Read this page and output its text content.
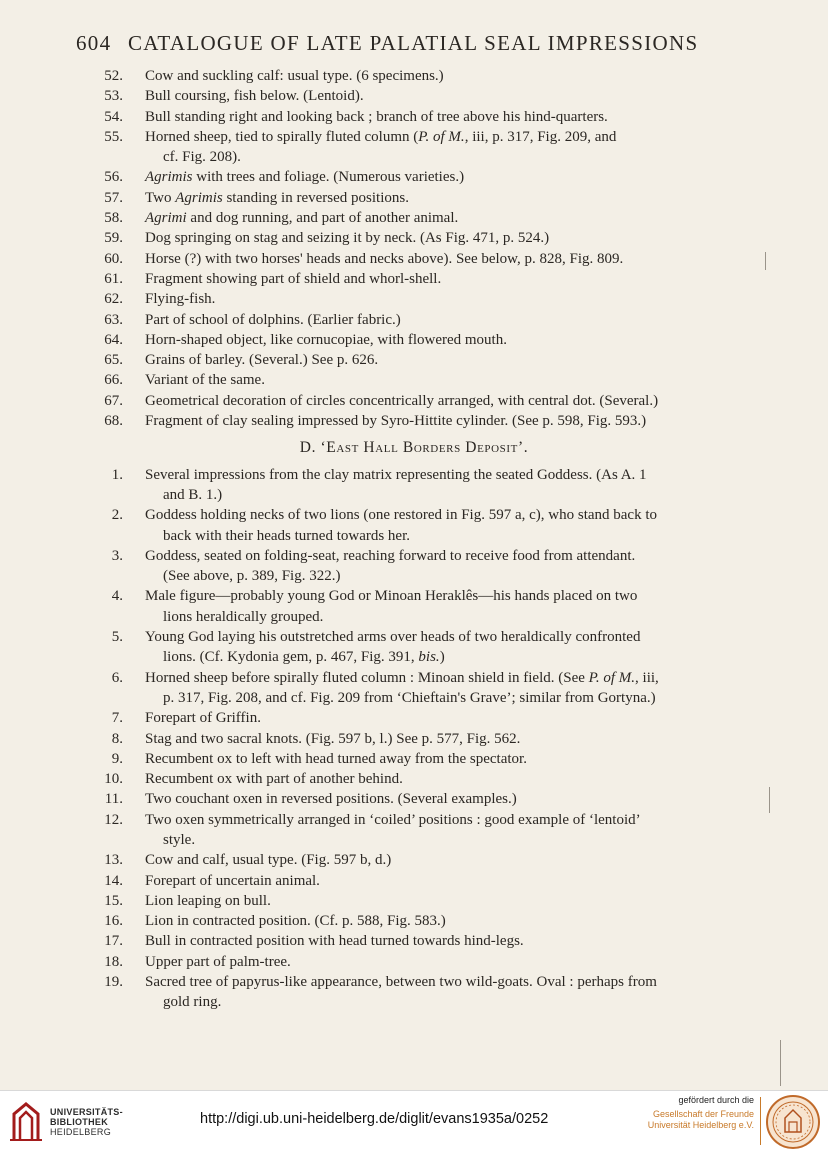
604 CATALOGUE OF LATE PALATIAL SEAL IMPRESSIONS
52. Cow and suckling calf: usual type. (6 specimens.)
53. Bull coursing, fish below. (Lentoid).
54. Bull standing right and looking back ; branch of tree above his hind-quarters.
55. Horned sheep, tied to spirally fluted column (P. of M., iii, p. 317, Fig. 209, and
cf. Fig. 208).
56. Agrimis with trees and foliage. (Numerous varieties.)
57. Two Agrimis standing in reversed positions.
58. Agrimi and dog running, and part of another animal.
59. Dog springing on stag and seizing it by neck. (As Fig. 471, p. 524.)
60. Horse (?) with two horses' heads and necks above). See below, p. 828, Fig. 809.
61. Fragment showing part of shield and whorl-shell.
62. Flying-fish.
63. Part of school of dolphins. (Earlier fabric.)
64. Horn-shaped object, like cornucopiae, with flowered mouth.
65. Grains of barley. (Several.) See p. 626.
66. Variant of the same.
67. Geometrical decoration of circles concentrically arranged, with central dot. (Several.)
68. Fragment of clay sealing impressed by Syro-Hittite cylinder. (See p. 598, Fig. 593.)
D. ‘East Hall Borders Deposit’.
1. Several impressions from the clay matrix representing the seated Goddess. (As A. 1
and B. 1.)
2. Goddess holding necks of two lions (one restored in Fig. 597 a, c), who stand back to
back with their heads turned towards her.
3. Goddess, seated on folding-seat, reaching forward to receive food from attendant.
(See above, p. 389, Fig. 322.)
4. Male figure—probably young God or Minoan Heraklês—his hands placed on two
lions heraldically grouped.
5. Young God laying his outstretched arms over heads of two heraldically confronted
lions. (Cf. Kydonia gem, p. 467, Fig. 391, bis.)
6. Horned sheep before spirally fluted column : Minoan shield in field. (See P. of M., iii,
p. 317, Fig. 208, and cf. Fig. 209 from ‘Chieftain's Grave’; similar from Gortyna.)
7. Forepart of Griffin.
8. Stag and two sacral knots. (Fig. 597 b, l.) See p. 577, Fig. 562.
9. Recumbent ox to left with head turned away from the spectator.
10. Recumbent ox with part of another behind.
11. Two couchant oxen in reversed positions. (Several examples.)
12. Two oxen symmetrically arranged in ‘coiled’ positions : good example of ‘lentoid’
style.
13. Cow and calf, usual type. (Fig. 597 b, d.)
14. Forepart of uncertain animal.
15. Lion leaping on bull.
16. Lion in contracted position. (Cf. p. 588, Fig. 583.)
17. Bull in contracted position with head turned towards hind-legs.
18. Upper part of palm-tree.
19. Sacred tree of papyrus-like appearance, between two wild-goats. Oval : perhaps from
gold ring.
UNIVERSITÄTS-
BIBLIOTHEK
HEIDELBERG
http://digi.ub.uni-heidelberg.de/diglit/evans1935a/0252
gefördert durch die
Gesellschaft der Freunde
Universität Heidelberg e.V.
